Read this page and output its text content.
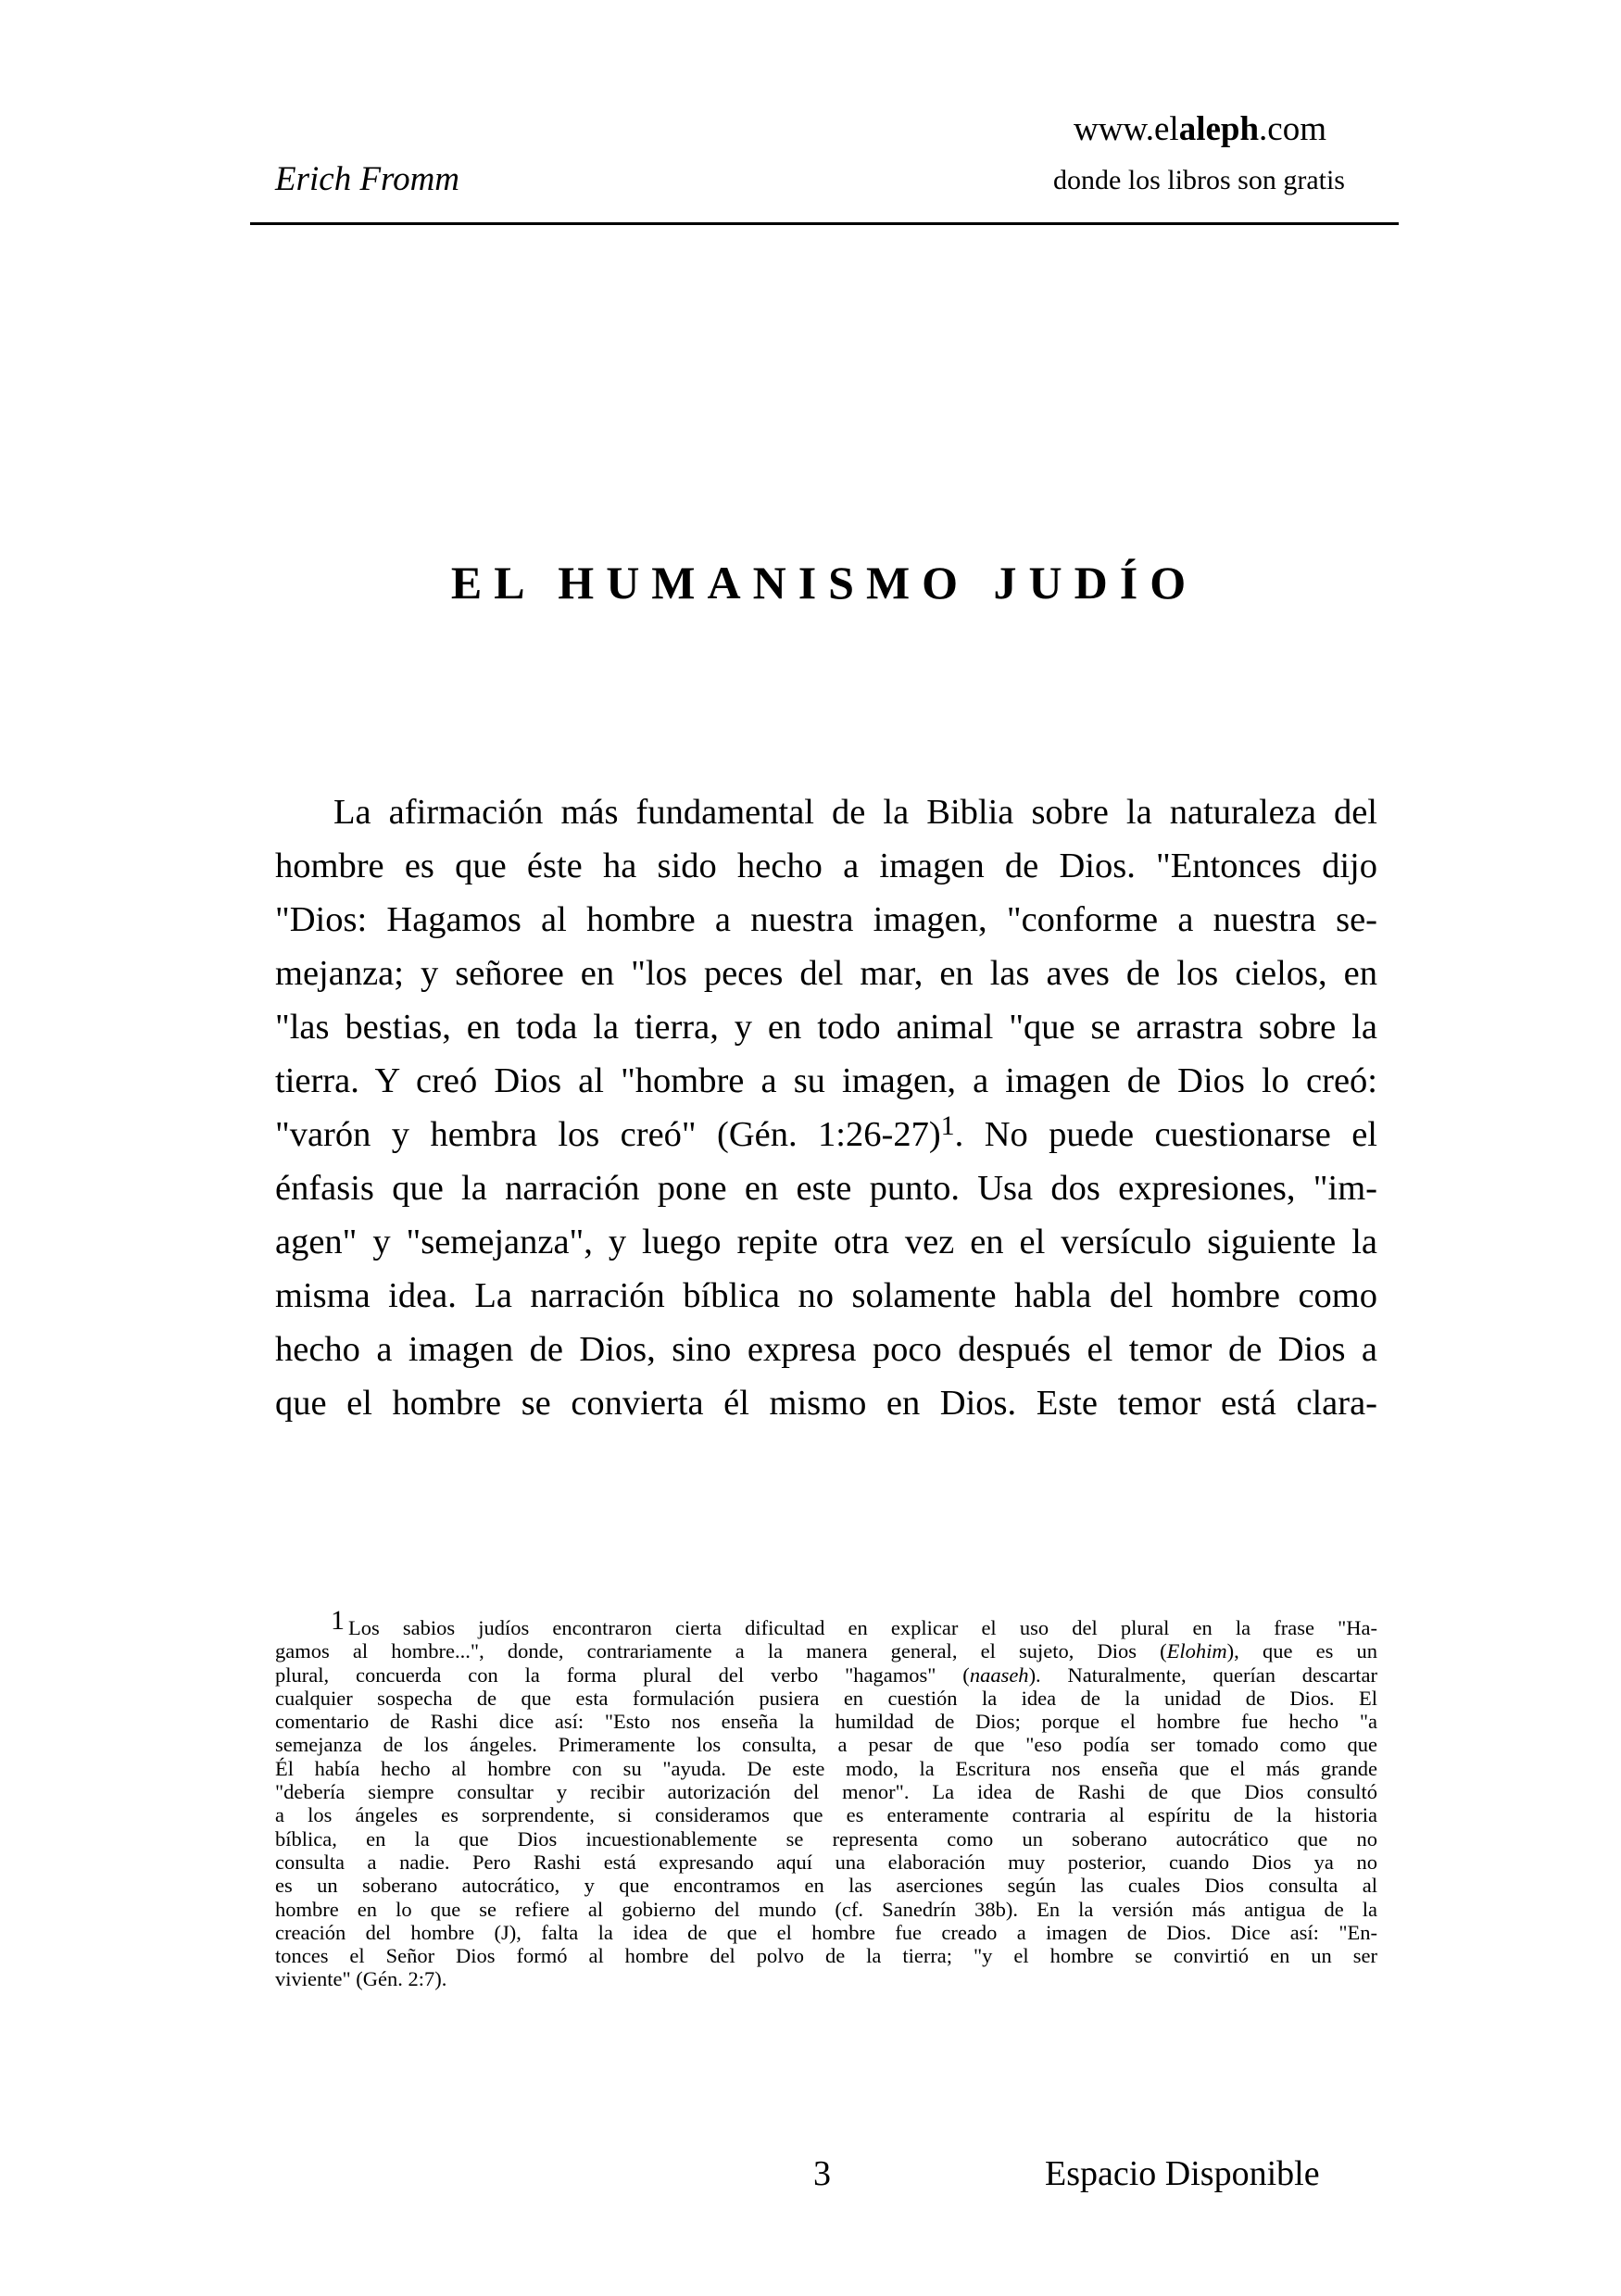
www.elaleph.com
Erich Fromm	donde los libros son gratis
EL HUMANISMO JUDÍO
La afirmación más fundamental de la Biblia sobre la naturaleza del
hombre es que éste ha sido hecho a imagen de Dios. "Entonces dijo
"Dios: Hagamos al hombre a nuestra imagen, "conforme a nuestra se-
mejanza; y señoree en "los peces del mar, en las aves de los cielos, en
"las bestias, en toda la tierra, y en todo animal "que se arrastra sobre la
tierra. Y creó Dios al "hombre a su imagen, a imagen de Dios lo creó:
"varón y hembra los creó" (Gén. 1:26-27)$^1$. No puede cuestionarse el
énfasis que la narración pone en este punto. Usa dos expresiones, "im-
agen" y "semejanza", y luego repite otra vez en el versículo siguiente la
misma idea. La narración bíblica no solamente habla del hombre como
hecho a imagen de Dios, sino expresa poco después el temor de Dios a
que el hombre se convierta él mismo en Dios. Este temor está clara-
1 Los sabios judíos encontraron cierta dificultad en explicar el uso del plural en la frase "Ha-
gamos al hombre...", donde, contrariamente a la manera general, el sujeto, Dios (Elohim), que es un
plural, concuerda con la forma plural del verbo "hagamos" (naaseh). Naturalmente, querían descartar
cualquier sospecha de que esta formulación pusiera en cuestión la idea de la unidad de Dios. El
comentario de Rashi dice así: "Esto nos enseña la humildad de Dios; porque el hombre fue hecho "a
semejanza de los ángeles. Primeramente los consulta, a pesar de que "eso podía ser tomado como que
Él había hecho al hombre con su "ayuda. De este modo, la Escritura nos enseña que el más grande
"debería siempre consultar y recibir autorización del menor". La idea de Rashi de que Dios consultó
a los ángeles es sorprendente, si consideramos que es enteramente contraria al espíritu de la historia
bíblica, en la que Dios incuestionablemente se representa como un soberano autocrático que no
consulta a nadie. Pero Rashi está expresando aquí una elaboración muy posterior, cuando Dios ya no
es un soberano autocrático, y que encontramos en las aserciones según las cuales Dios consulta al
hombre en lo que se refiere al gobierno del mundo (cf. Sanedrín 38b). En la versión más antigua de la
creación del hombre (J), falta la idea de que el hombre fue creado a imagen de Dios. Dice así: "En-
tonces el Señor Dios formó al hombre del polvo de la tierra; "y el hombre se convirtió en un ser
viviente" (Gén. 2:7).
3	Espacio Disponible
